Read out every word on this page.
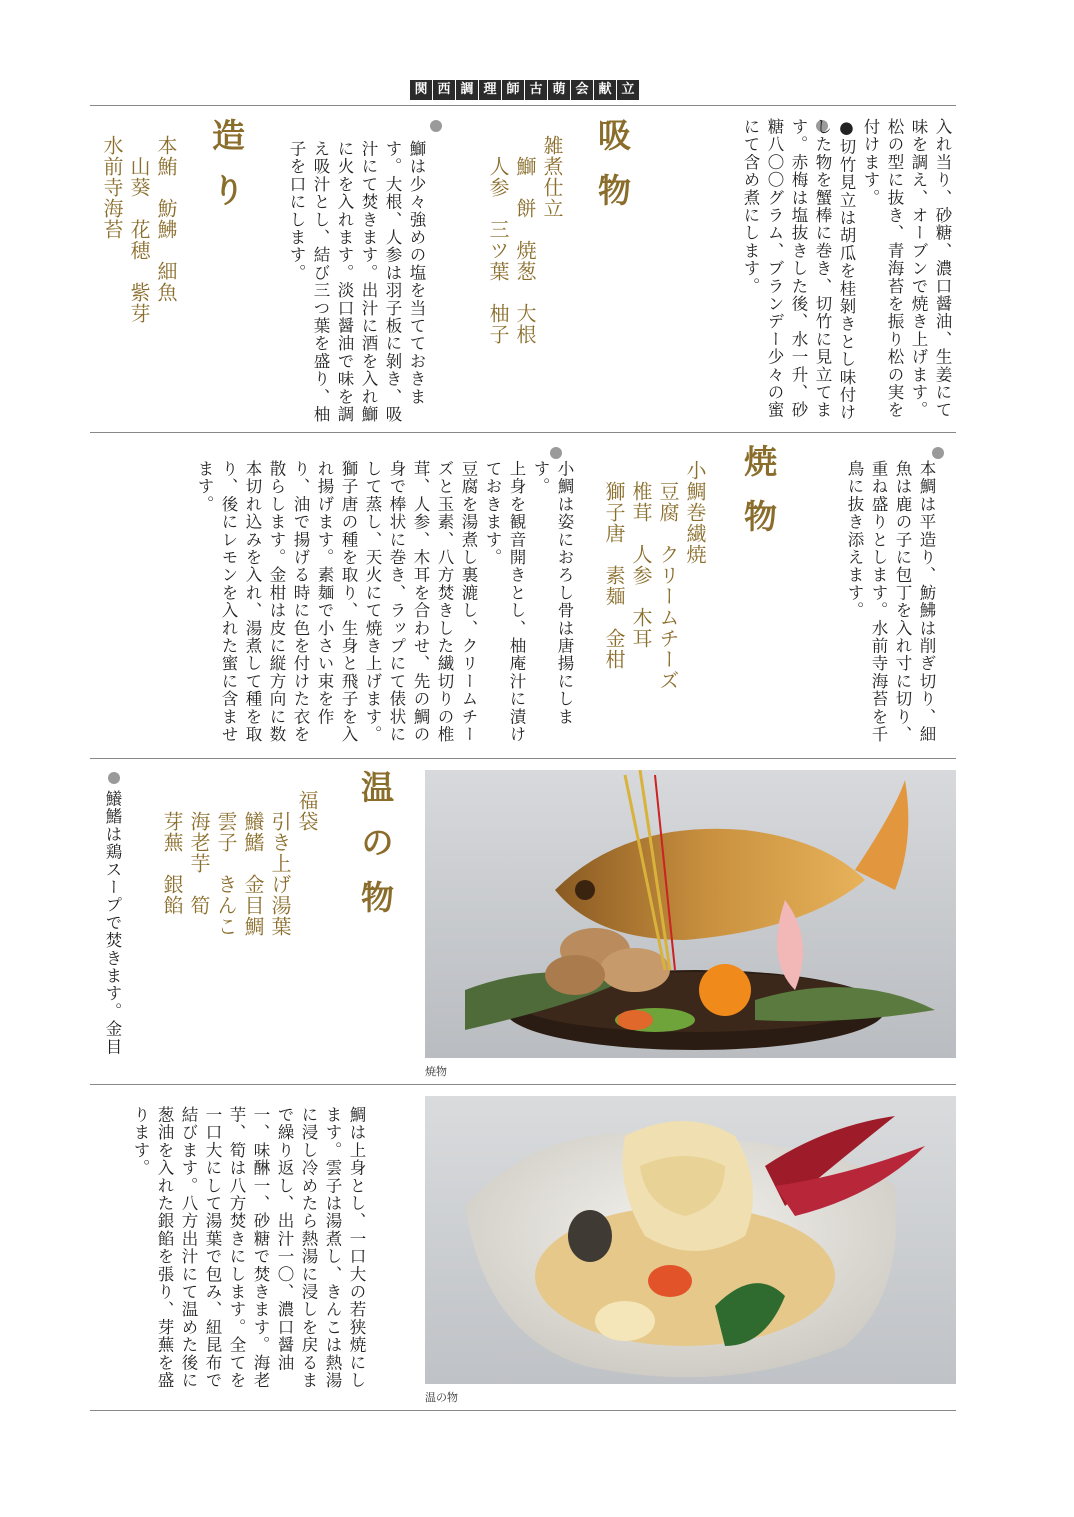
関 西 調 理 師 古 萌 会 献 立
入れ当り、砂糖、濃口醤油、生姜にて味を調え、オーブンで焼き上げます。松の型に抜き、青海苔を振り松の実を付けます。
●切竹見立は胡瓜を桂剝きとし味付けした物を蟹棒に巻き、切竹に見立てます。赤梅は塩抜きした後、水一升、砂糖八〇〇グラム、ブランデー少々の蜜にて含め煮にします。
吸物
雑煮仕立
　鰤　餅　焼葱　大根
　人参　三ツ葉　柚子
鰤は少々強めの塩を当てておきます。大根、人参は羽子板に剝き、吸汁にて焚きます。出汁に酒を入れ鰤に火を入れます。淡口醤油で味を調え吸汁とし、結び三つ葉を盛り、柚子を口にします。
造り
本鮪　魴鮄　細魚
　山葵　花穂　紫芽
水前寺海苔
本鯛は平造り、魴鮄は削ぎ切り、細魚は鹿の子に包丁を入れ寸に切り、重ね盛りとします。水前寺海苔を千鳥に抜き添えます。
焼物
小鯛巻繊焼
　豆腐　クリームチーズ
　椎茸　人参　木耳
　獅子唐　素麺　金柑
小鯛は姿におろし骨は唐揚にします。
上身を観音開きとし、柚庵汁に漬けておきます。
豆腐を湯煮し裏漉し、クリームチーズと玉素、八方焚きした繊切りの椎茸、人参、木耳を合わせ、先の鯛の身で棒状に巻き、ラップにて俵状にして蒸し、天火にて焼き上げます。獅子唐の種を取り、生身と飛子を入れ揚げます。素麺で小さい束を作り、油で揚げる時に色を付けた衣を散らします。金柑は皮に縦方向に数本切れ込みを入れ、湯煮して種を取り、後にレモンを入れた蜜に含ませます。
温の物
福袋
　引き上げ湯葉
　鱶鰭　金目鯛
　雲子　きんこ
　海老芋　筍
　芽蕪　銀餡
鱶鰭は鶏スープで焚きます。金目
焼物
鯛は上身とし、一口大の若狭焼にします。雲子は湯煮し、きんこは熱湯に浸し冷めたら熱湯に浸しを戻るまで繰り返し、出汁一〇、濃口醤油一、味醂一、砂糖で焚きます。海老芋、筍は八方焚きにします。全てを一口大にして湯葉で包み、紐昆布で結びます。八方出汁にて温めた後に葱油を入れた銀餡を張り、芽蕪を盛ります。
温の物
